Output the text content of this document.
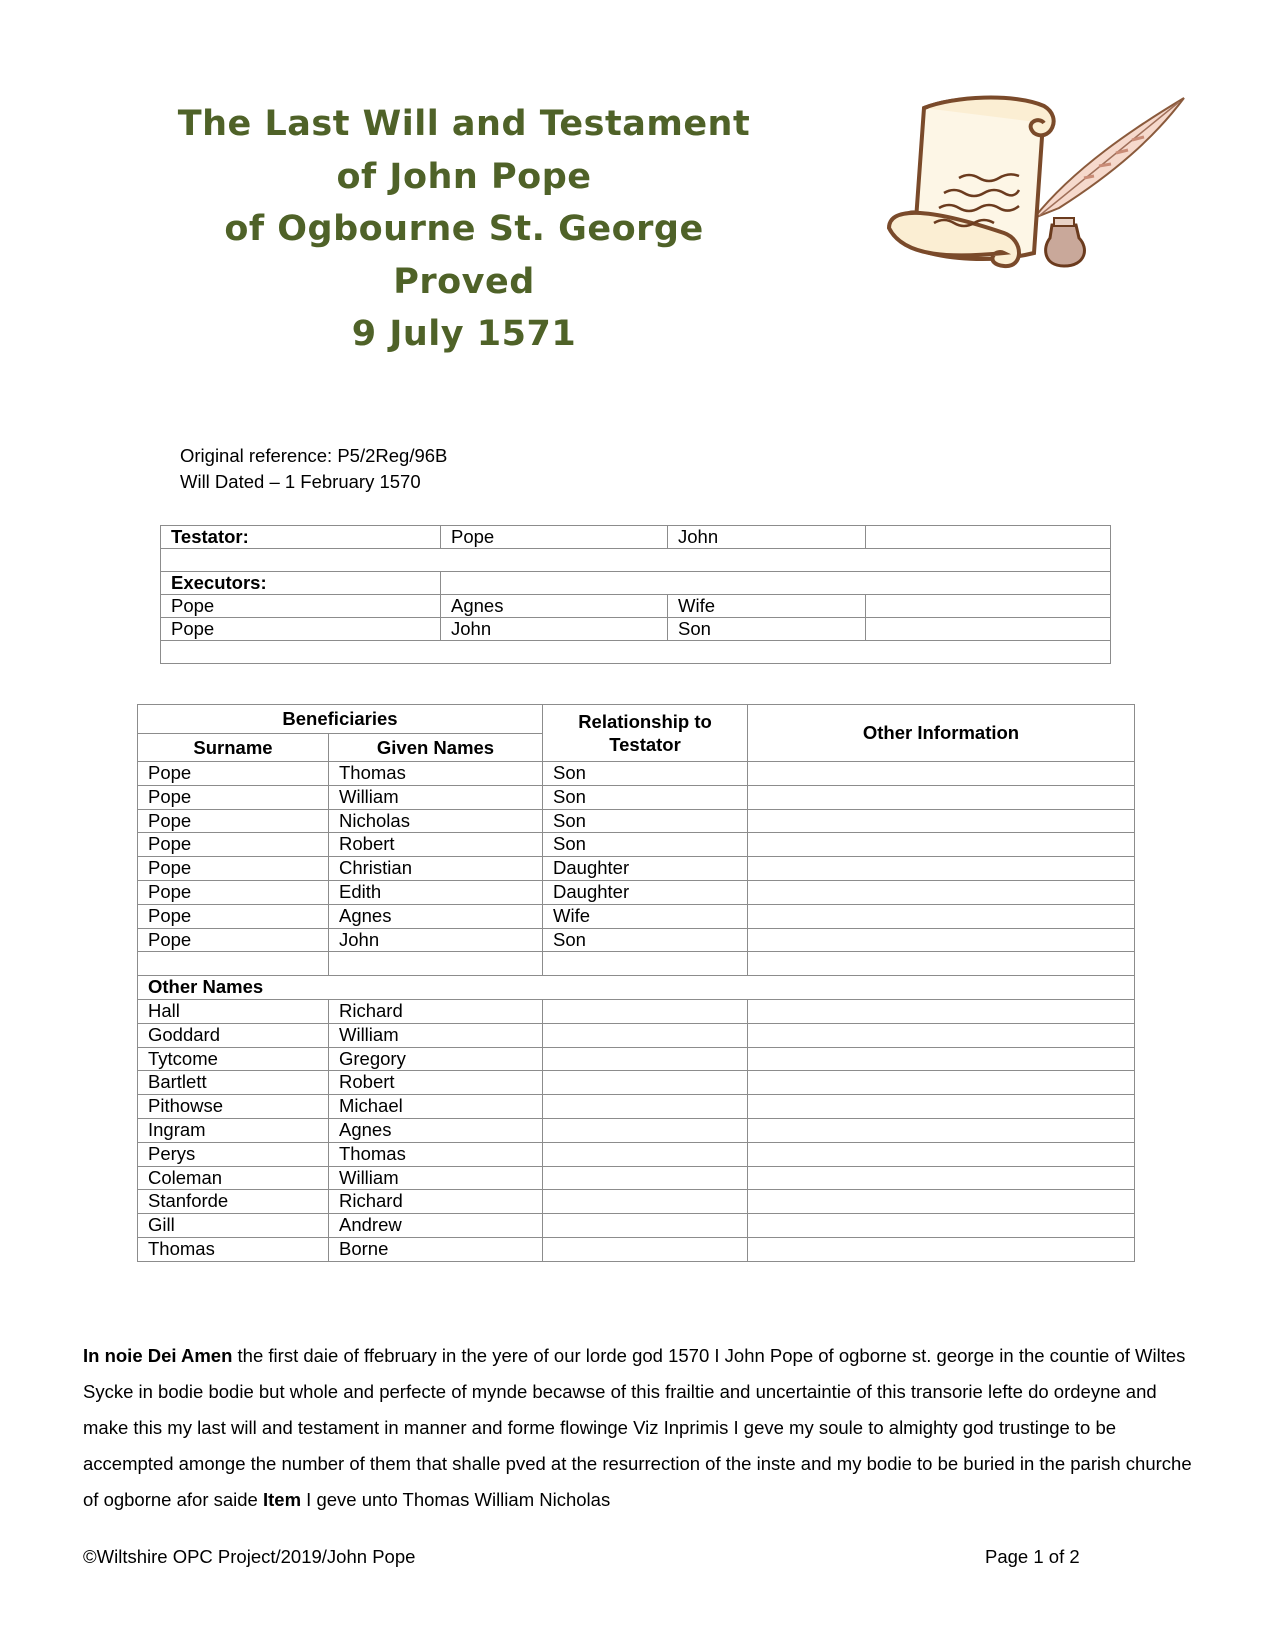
The Last Will and Testament
of John Pope
of Ogbourne St. George
Proved
9 July 1571
Original reference: P5/2Reg/96B
Will Dated – 1 February 1570
Testator:	Pope	John	

Executors:			
Pope	Agnes	Wife	
Pope	John	Son	

Beneficiaries		Relationship to Testator	Other Information
Surname	Given Names		
Pope	Thomas	Son	
Pope	William	Son	
Pope	Nicholas	Son	
Pope	Robert	Son	
Pope	Christian	Daughter	
Pope	Edith	Daughter	
Pope	Agnes	Wife	
Pope	John	Son	

Other Names			
Hall	Richard		
Goddard	William		
Tytcome	Gregory		
Bartlett	Robert		
Pithowse	Michael		
Ingram	Agnes		
Perys	Thomas		
Coleman	William		
Stanforde	Richard		
Gill	Andrew		
Thomas	Borne		
In noie Dei Amen the first daie of ffebruary in the yere of our lorde god 1570 I John Pope of ogborne st. george in the countie of Wiltes Sycke in bodie bodie but whole and perfecte of mynde becawse of this frailtie and uncertaintie of this transorie lefte do ordeyne and make this my last will and testament in manner and forme flowinge Viz Inprimis I geve my soule to almighty god trustinge to be accempted amonge the number of them that shalle pved at the resurrection of the inste and my bodie to be buried in the parish churche of ogborne afor saide Item I geve unto Thomas William Nicholas
©Wiltshire OPC Project/2019/John Pope	Page 1 of 2
